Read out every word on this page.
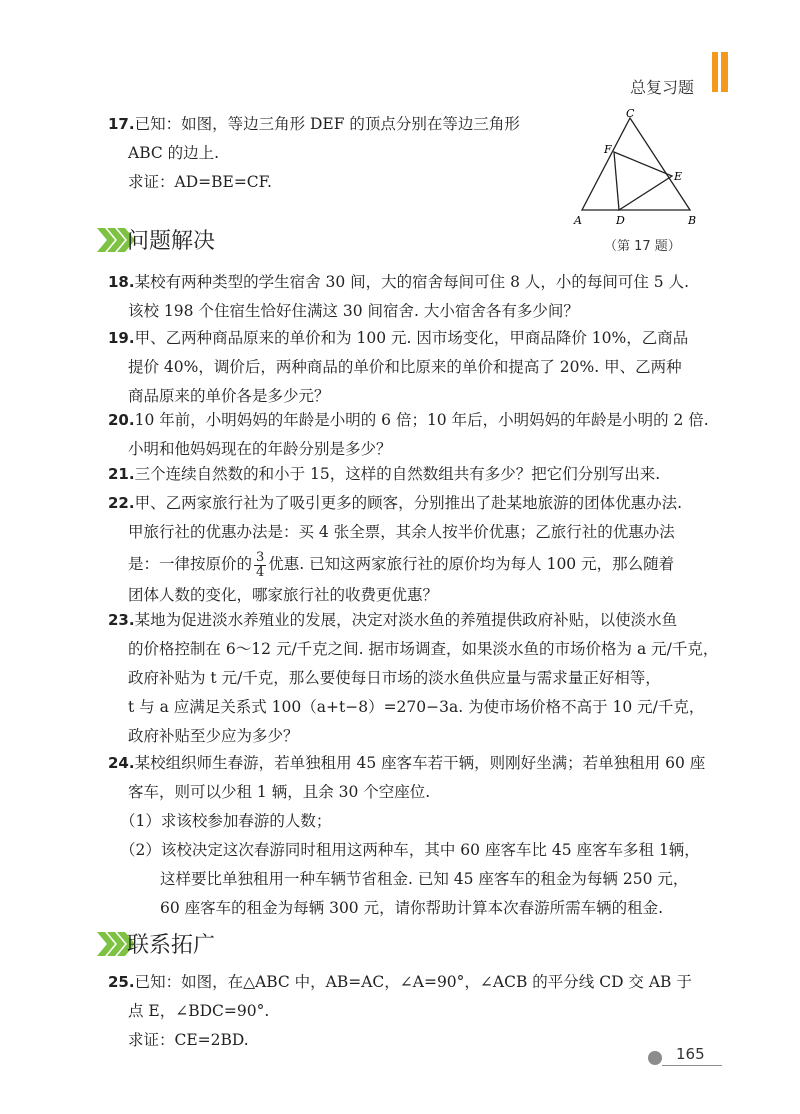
总复习题
17.已知：如图，等边三角形 DEF 的顶点分别在等边三角形
ABC 的边上.
求证：AD=BE=CF.
A	D	B
C
F
E
（第 17 题）
问题解决
18.某校有两种类型的学生宿舍 30 间，大的宿舍每间可住 8 人，小的每间可住 5 人.
该校 198 个住宿生恰好住满这 30 间宿舍. 大小宿舍各有多少间？
19.甲、乙两种商品原来的单价和为 100 元. 因市场变化，甲商品降价 10%，乙商品
提价 40%，调价后，两种商品的单价和比原来的单价和提高了 20%. 甲、乙两种
商品原来的单价各是多少元？
20.10 年前，小明妈妈的年龄是小明的 6 倍；10 年后，小明妈妈的年龄是小明的 2 倍.
小明和他妈妈现在的年龄分别是多少？
21.三个连续自然数的和小于 15，这样的自然数组共有多少？把它们分别写出来.
22.甲、乙两家旅行社为了吸引更多的顾客，分别推出了赴某地旅游的团体优惠办法.
甲旅行社的优惠办法是：买 4 张全票，其余人按半价优惠；乙旅行社的优惠办法
是：一律按原价的 $\frac{3}{4}$ 优惠. 已知这两家旅行社的原价均为每人 100 元，那么随着
团体人数的变化，哪家旅行社的收费更优惠？
23.某地为促进淡水养殖业的发展，决定对淡水鱼的养殖提供政府补贴，以使淡水鱼
的价格控制在 6～12 元/千克之间. 据市场调查，如果淡水鱼的市场价格为 a 元/千克，
政府补贴为 t 元/千克，那么要使每日市场的淡水鱼供应量与需求量正好相等，
t 与 a 应满足关系式 100（a+t−8）=270−3a. 为使市场价格不高于 10 元/千克，
政府补贴至少应为多少？
24.某校组织师生春游，若单独租用 45 座客车若干辆，则刚好坐满；若单独租用 60 座
客车，则可以少租 1 辆，且余 30 个空座位.
（1）求该校参加春游的人数；
（2）该校决定这次春游同时租用这两种车，其中 60 座客车比 45 座客车多租 1辆，
这样要比单独租用一种车辆节省租金. 已知 45 座客车的租金为每辆 250 元，
60 座客车的租金为每辆 300 元，请你帮助计算本次春游所需车辆的租金.
联系拓广
25.已知：如图，在△ABC 中，AB=AC，∠A=90°，∠ACB 的平分线 CD 交 AB 于
点 E，∠BDC=90°.
求证：CE=2BD.
165
